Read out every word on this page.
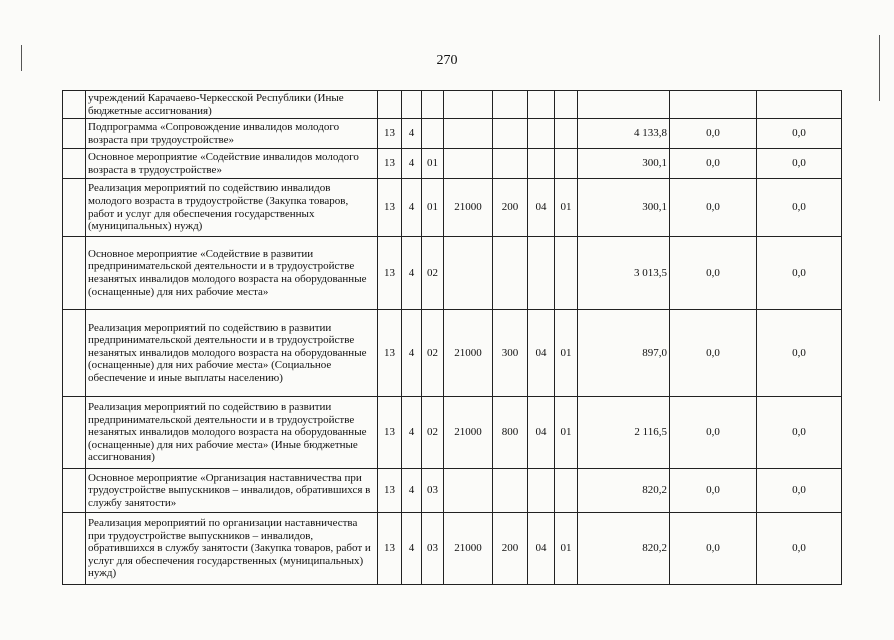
270
	учреждений Карачаево-Черкесской Республики (Иные бюджетные ассигнования)										
	Подпрограмма «Сопровождение инвалидов молодого возраста при трудоустройстве»	13	4						4 133,8	0,0	0,0
	Основное мероприятие «Содействие инвалидов молодого возраста в трудоустройстве»	13	4	01					300,1	0,0	0,0
	Реализация мероприятий по содействию инвалидов молодого возраста в трудоустройстве (Закупка товаров, работ и услуг для обеспечения государственных (муниципальных) нужд)	13	4	01	21000	200	04	01	300,1	0,0	0,0
	Основное мероприятие «Содействие в развитии предпринимательской деятельности и в трудоустройстве незанятых инвалидов молодого возраста на оборудованные (оснащенные) для них рабочие места»	13	4	02					3 013,5	0,0	0,0
	Реализация мероприятий по содействию в развитии предпринимательской деятельности и в трудоустройстве незанятых инвалидов молодого возраста на оборудованные (оснащенные) для них рабочие места» (Социальное обеспечение и иные выплаты населению)	13	4	02	21000	300	04	01	897,0	0,0	0,0
	Реализация мероприятий по содействию в развитии предпринимательской деятельности и в трудоустройстве незанятых инвалидов молодого возраста на оборудованные (оснащенные) для них рабочие места» (Иные бюджетные ассигнования)	13	4	02	21000	800	04	01	2 116,5	0,0	0,0
	Основное мероприятие «Организация наставничества при трудоустройстве выпускников – инвалидов, обратившихся в службу занятости»	13	4	03					820,2	0,0	0,0
	Реализация мероприятий по организации наставничества при трудоустройстве выпускников – инвалидов, обратившихся в службу занятости (Закупка товаров, работ и услуг для обеспечения государственных (муниципальных) нужд)	13	4	03	21000	200	04	01	820,2	0,0	0,0
